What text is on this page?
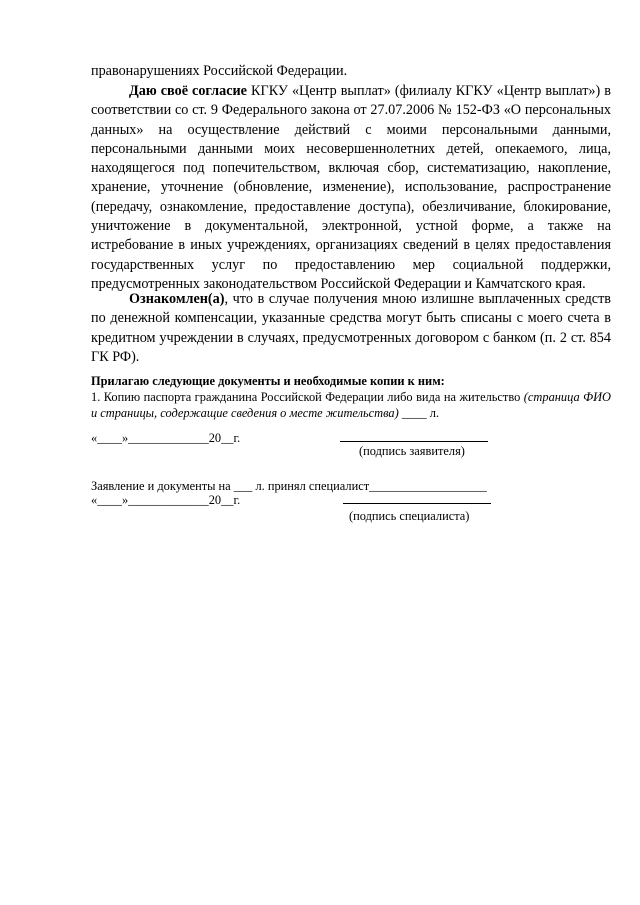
правонарушениях Российской Федерации.

Даю своё согласие КГКУ «Центр выплат» (филиалу КГКУ «Центр выплат») в соответствии со ст. 9 Федерального закона от 27.07.2006 № 152-ФЗ «О персональных данных» на осуществление действий с моими персональными данными, персональными данными моих несовершеннолетних детей, опекаемого, лица, находящегося под попечительством, включая сбор, систематизацию, накопление, хранение, уточнение (обновление, изменение), использование, распространение (передачу, ознакомление, предоставление доступа), обезличивание, блокирование, уничтожение в документальной, электронной, устной форме, а также на истребование в иных учреждениях, организациях сведений в целях предоставления государственных услуг по предоставлению мер социальной поддержки, предусмотренных законодательством Российской Федерации и Камчатского края.

Ознакомлен(а), что в случае получения мною излишне выплаченных средств по денежной компенсации, указанные средства могут быть списаны с моего счета в кредитном учреждении в случаях, предусмотренных договором с банком (п. 2 ст. 854 ГК РФ).

Прилагаю следующие документы и необходимые копии к ним:

1. Копию паспорта гражданина Российской Федерации либо вида на жительство (страница ФИО и страницы, содержащие сведения о месте жительства) ____ л.

«____»_____________20__г.
(подпись заявителя)
Заявление и документы на ___ л. принял специалист___________________
«____»_____________20__г.
(подпись специалиста)
